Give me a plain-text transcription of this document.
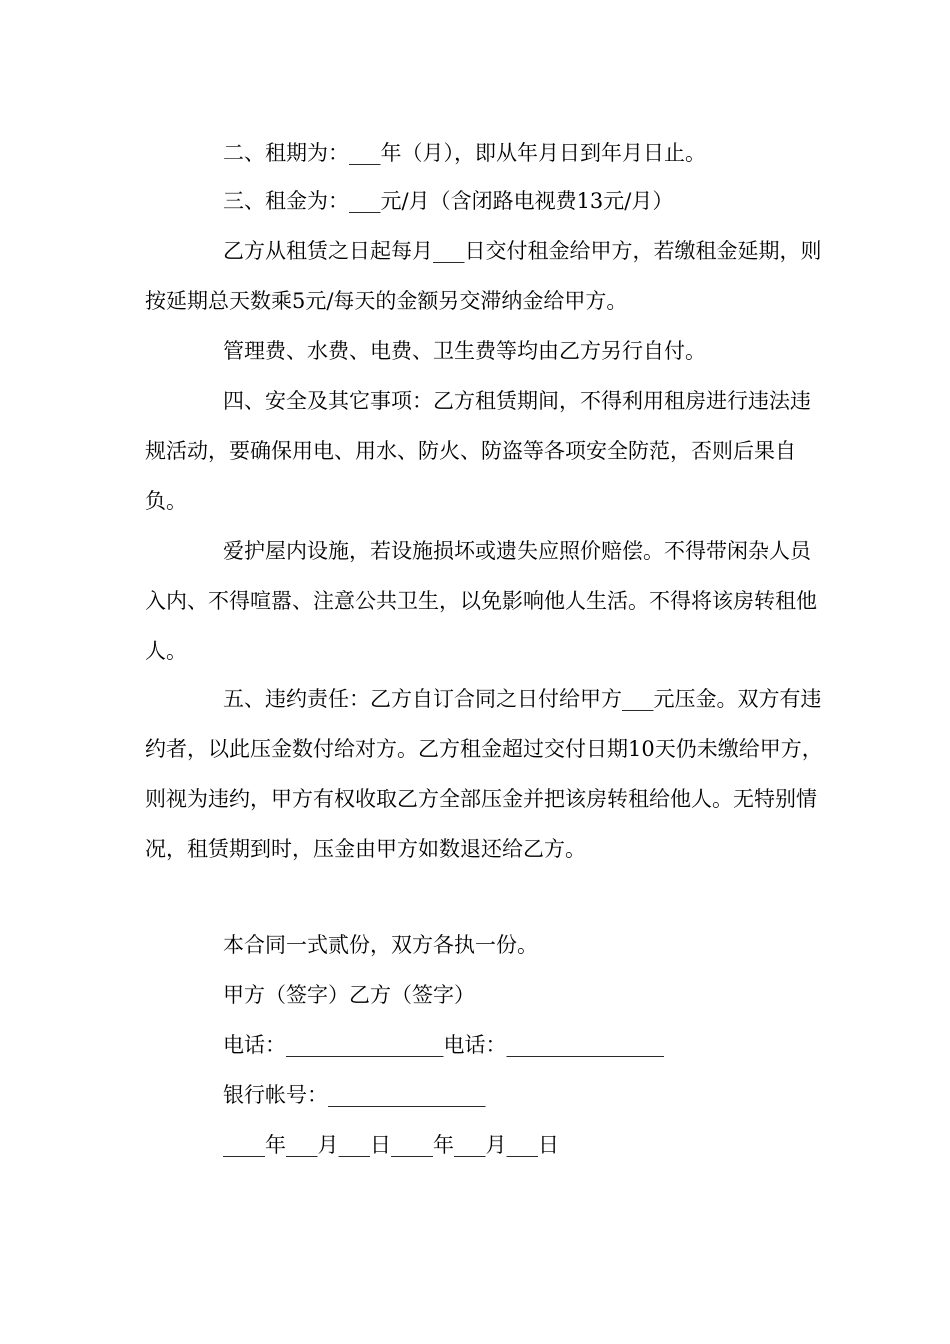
二、租期为：___年（月），即从年月日到年月日止。

三、租金为：___元/月（含闭路电视费13元/月）

乙方从租赁之日起每月___日交付租金给甲方，若缴租金延期，则按延期总天数乘5元/每天的金额另交滞纳金给甲方。

管理费、水费、电费、卫生费等均由乙方另行自付。

四、安全及其它事项：乙方租赁期间，不得利用租房进行违法违规活动，要确保用电、用水、防火、防盗等各项安全防范，否则后果自负。

爱护屋内设施，若设施损坏或遗失应照价赔偿。不得带闲杂人员入内、不得喧嚣、注意公共卫生，以免影响他人生活。不得将该房转租他人。

五、违约责任：乙方自订合同之日付给甲方___元压金。双方有违约者，以此压金数付给对方。乙方租金超过交付日期10天仍未缴给甲方，则视为违约，甲方有权收取乙方全部压金并把该房转租给他人。无特别情况，租赁期到时，压金由甲方如数退还给乙方。

本合同一式贰份，双方各执一份。

甲方（签字）乙方（签字）

电话：_______________电话：_______________

银行帐号：_______________

____年___月___日____年___月___日
